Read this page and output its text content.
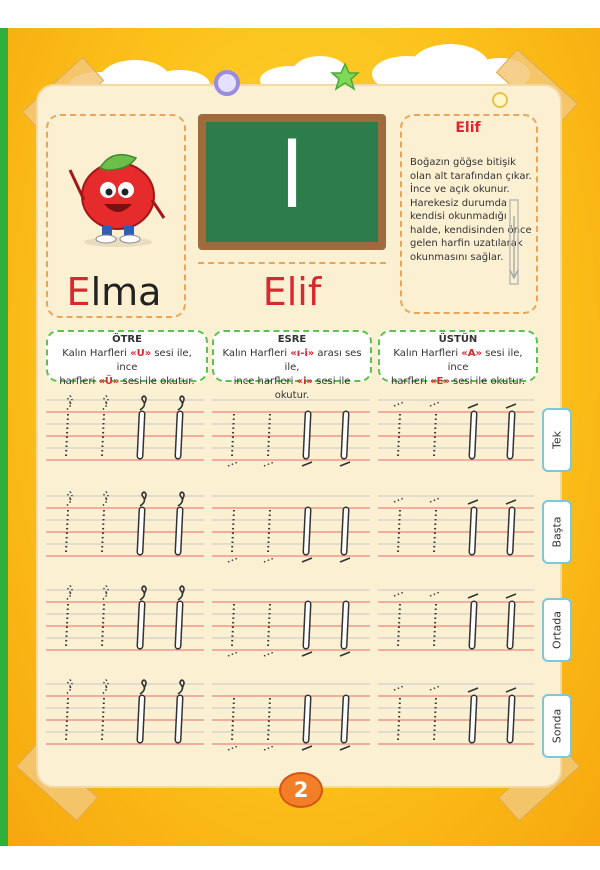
Elma
ا
Elif
Elif
Boğazın göğse bitişik
olan alt tarafından çıkar.
İnce ve açık okunur.
Harekesiz durumda
kendisi okunmadığı
halde, kendisinden önce
gelen harfin uzatılarak
okunmasını sağlar.
ÖTRE
Kalın Harfleri «U» sesi ile, ince
harfleri «Ü» sesi ile okutur.
ESRE
Kalın Harfleri «ı-i» arası ses ile,
ince harfleri «i» sesi ile okutur.
ÜSTÜN
Kalın Harfleri «A» sesi ile, ince
harfleri «E» sesi ile okutur.
Tek
Başta
Ortada
Sonda
2
